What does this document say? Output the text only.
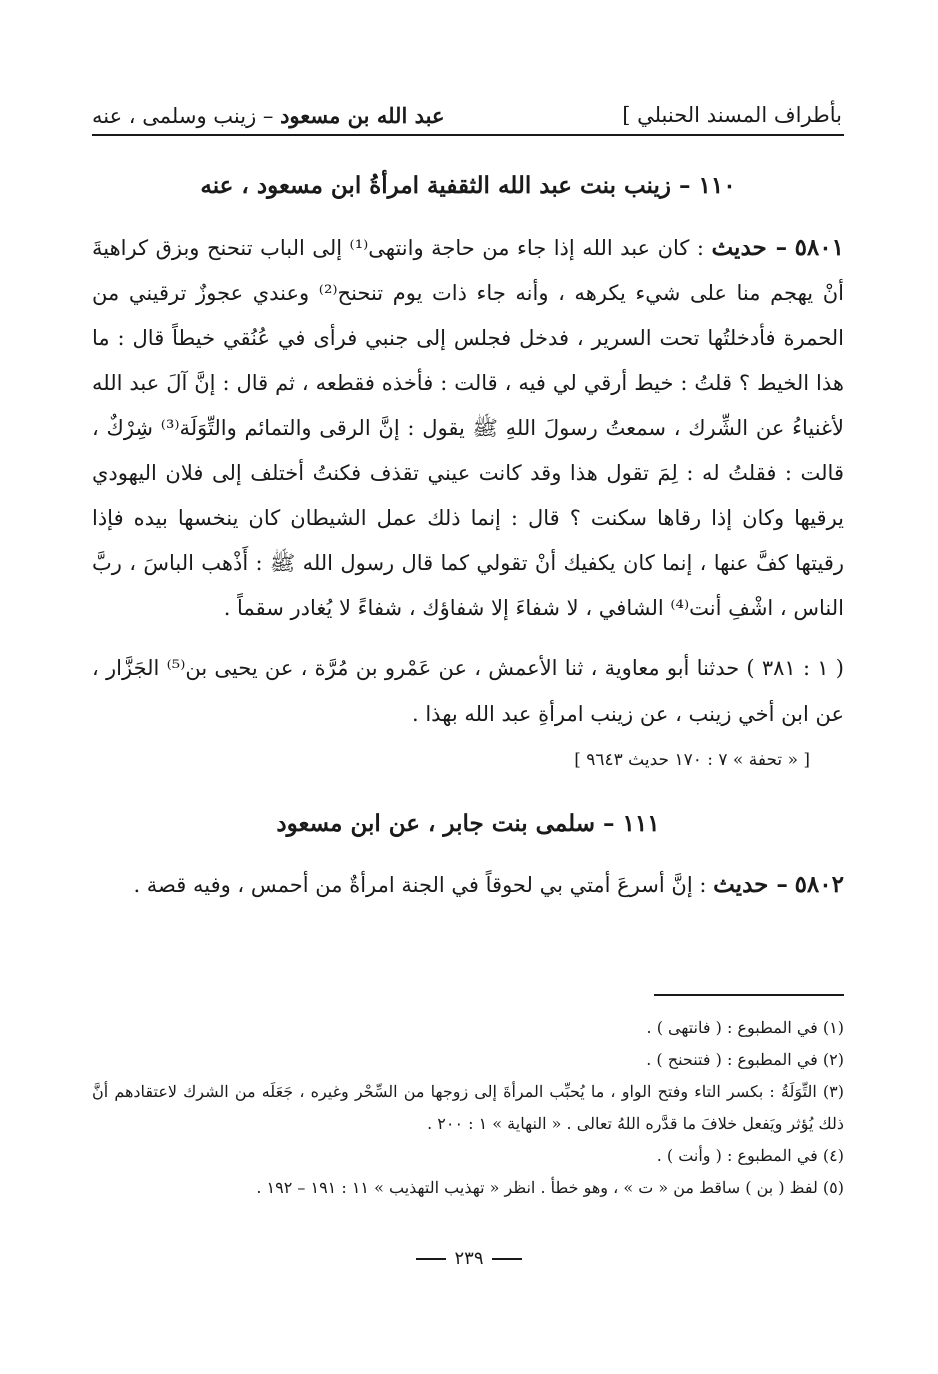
بأطراف المسند الحنبلي ]
عبد الله بن مسعود – زينب وسلمى ، عنه
١١٠ – زينب بنت عبد الله الثقفية امرأةُ ابن مسعود ، عنه
٥٨٠١ – حديث : كان عبد الله إذا جاء من حاجة وانتهى⁽¹⁾ إلى الباب تنحنح وبزق كراهيةَ أنْ يهجم منا على شيء يكرهه ، وأنه جاء ذات يوم تنحنح⁽²⁾ وعندي عجوزٌ ترقيني من الحمرة فأدخلتُها تحت السرير ، فدخل فجلس إلى جنبي فرأى في عُنُقي خيطاً قال : ما هذا الخيط ؟ قلتُ : خيط أرقي لي فيه ، قالت : فأخذه فقطعه ، ثم قال : إنَّ آلَ عبد الله لأغنياءُ عن الشِّرك ، سمعتُ رسولَ اللهِ ﷺ يقول : إنَّ الرقى والتمائم والتِّوَلَة⁽³⁾ شِرْكٌ ، قالت : فقلتُ له : لِمَ تقول هذا وقد كانت عيني تقذف فكنتُ أختلف إلى فلان اليهودي يرقيها وكان إذا رقاها سكنت ؟ قال : إنما ذلك عمل الشيطان كان ينخسها بيده فإذا رقيتها كفَّ عنها ، إنما كان يكفيك أنْ تقولي كما قال رسول الله ﷺ : أَذْهب الباسَ ، ربَّ الناس ، اشْفِ أنت⁽⁴⁾ الشافي ، لا شفاءَ إلا شفاؤك ، شفاءً لا يُغادر سقماً .
( ١ : ٣٨١ ) حدثنا أبو معاوية ، ثنا الأعمش ، عن عَمْرو بن مُرَّة ، عن يحيى بن⁽⁵⁾ الجَزَّار ، عن ابن أخي زينب ، عن زينب امرأةِ عبد الله بهذا .
[ « تحفة » ٧ : ١٧٠ حديث ٩٦٤٣ ]
١١١ – سلمى بنت جابر ، عن ابن مسعود
٥٨٠٢ – حديث : إنَّ أسرعَ أمتي بي لحوقاً في الجنة امرأةٌ من أحمس ، وفيه قصة .
(١) في المطبوع : ( فانتهى ) .
(٢) في المطبوع : ( فتنحنح ) .
(٣) التِّوَلَةُ : بكسر التاء وفتح الواو ، ما يُحبِّب المرأةَ إلى زوجها من السِّحْر وغيره ، جَعَلَه من الشرك لاعتقادهم أنَّ ذلك يُؤثر ويَفعل خلافَ ما قدَّره اللهُ تعالى . « النهاية » ١ : ٢٠٠ .
(٤) في المطبوع : ( وأنت ) .
(٥) لفظ ( بن ) ساقط من « ت » ، وهو خطأ . انظر « تهذيب التهذيب » ١١ : ١٩١ – ١٩٢ .
٢٣٩
